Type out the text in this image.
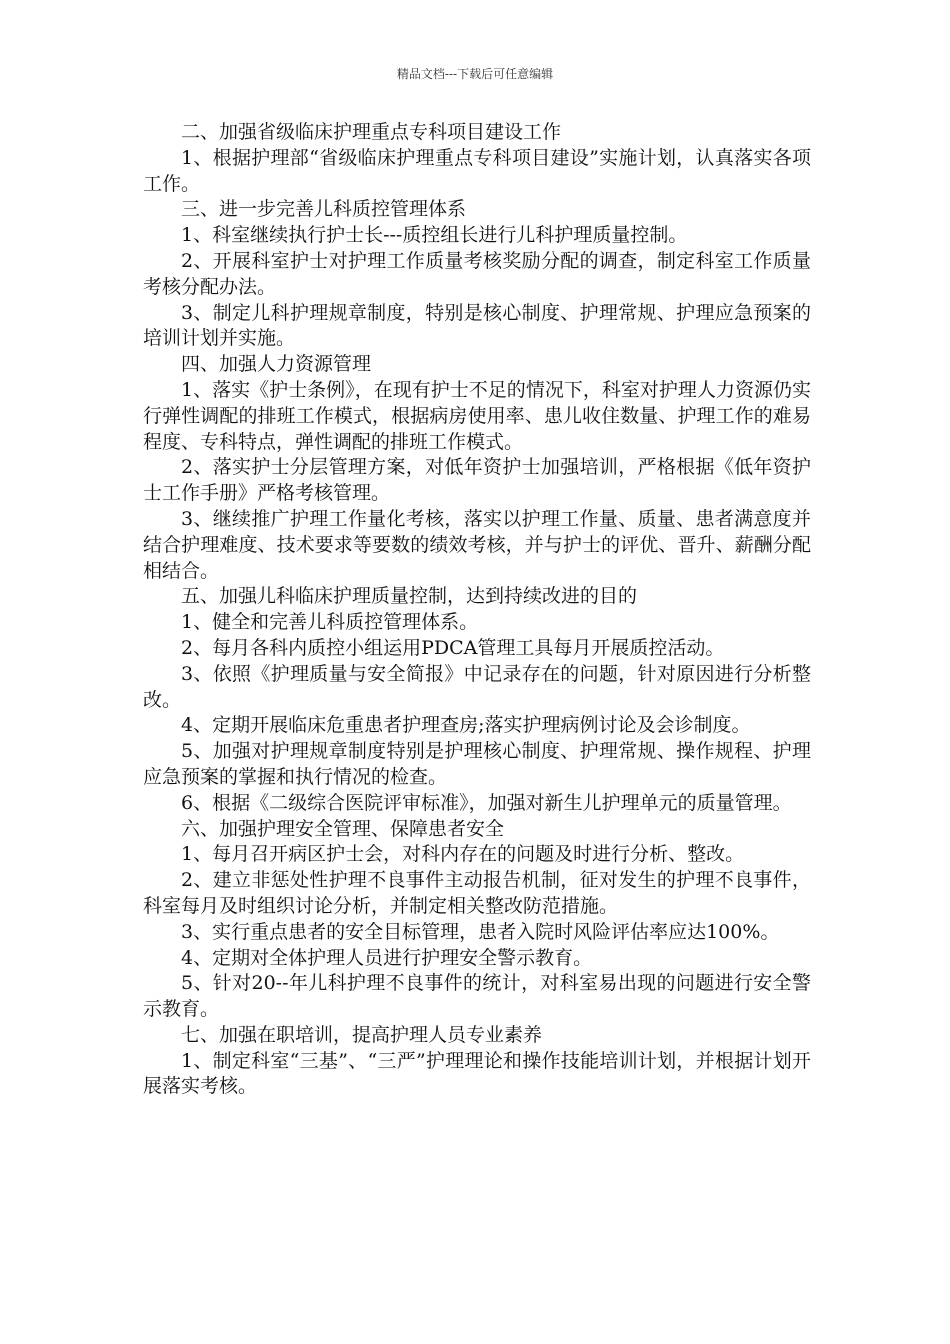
精品文档---下载后可任意编辑

二、加强省级临床护理重点专科项目建设工作

1、根据护理部“省级临床护理重点专科项目建设”实施计划，认真落实各项工作。

三、进一步完善儿科质控管理体系

1、科室继续执行护士长---质控组长进行儿科护理质量控制。

2、开展科室护士对护理工作质量考核奖励分配的调查，制定科室工作质量考核分配办法。

3、制定儿科护理规章制度，特别是核心制度、护理常规、护理应急预案的培训计划并实施。

四、加强人力资源管理

1、落实《护士条例》，在现有护士不足的情况下，科室对护理人力资源仍实行弹性调配的排班工作模式，根据病房使用率、患儿收住数量、护理工作的难易程度、专科特点，弹性调配的排班工作模式。

2、落实护士分层管理方案，对低年资护士加强培训，严格根据《低年资护士工作手册》严格考核管理。

3、继续推广护理工作量化考核，落实以护理工作量、质量、患者满意度并结合护理难度、技术要求等要数的绩效考核，并与护士的评优、晋升、薪酬分配相结合。

五、加强儿科临床护理质量控制，达到持续改进的目的

1、健全和完善儿科质控管理体系。

2、每月各科内质控小组运用PDCA管理工具每月开展质控活动。

3、依照《护理质量与安全简报》中记录存在的问题，针对原因进行分析整改。

4、定期开展临床危重患者护理查房;落实护理病例讨论及会诊制度。

5、加强对护理规章制度特别是护理核心制度、护理常规、操作规程、护理应急预案的掌握和执行情况的检查。

6、根据《二级综合医院评审标准》，加强对新生儿护理单元的质量管理。

六、加强护理安全管理、保障患者安全

1、每月召开病区护士会，对科内存在的问题及时进行分析、整改。

2、建立非惩处性护理不良事件主动报告机制，征对发生的护理不良事件，科室每月及时组织讨论分析，并制定相关整改防范措施。

3、实行重点患者的安全目标管理，患者入院时风险评估率应达100%。

4、定期对全体护理人员进行护理安全警示教育。

5、针对20--年儿科护理不良事件的统计，对科室易出现的问题进行安全警示教育。

七、加强在职培训，提高护理人员专业素养

1、制定科室“三基”、“三严”护理理论和操作技能培训计划，并根据计划开展落实考核。
